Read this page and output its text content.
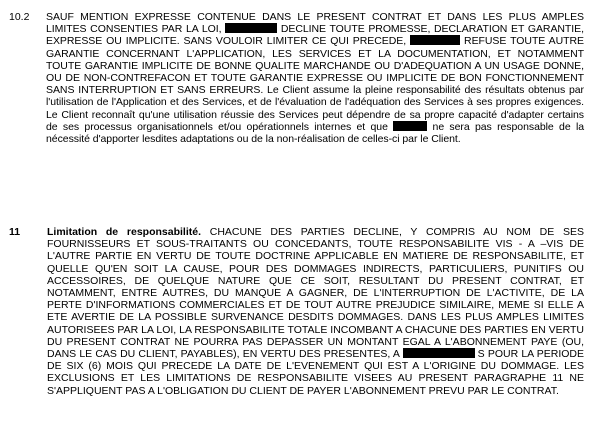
10.2 SAUF MENTION EXPRESSE CONTENUE DANS LE PRESENT CONTRAT ET DANS LES PLUS AMPLES LIMITES CONSENTIES PAR LA LOI,	DECLINE TOUTE PROMESSE, DECLARATION ET GARANTIE, EXPRESSE OU IMPLICITE. SANS VOULOIR LIMITER CE QUI PRECEDE,	REFUSE TOUTE AUTRE GARANTIE CONCERNANT L'APPLICATION, LES SERVICES ET LA DOCUMENTATION, ET NOTAMMENT TOUTE GARANTIE IMPLICITE DE BONNE QUALITE MARCHANDE OU D'ADEQUATION A UN USAGE DONNE, OU DE NON-CONTREFACON ET TOUTE GARANTIE EXPRESSE OU IMPLICITE DE BON FONCTIONNEMENT SANS INTERRUPTION ET SANS ERREURS. Le Client assume la pleine responsabilité des résultats obtenus par l'utilisation de l'Application et des Services, et de l'évaluation de l'adéquation des Services à ses propres exigences. Le Client reconnaît qu'une utilisation réussie des Services peut dépendre de sa propre capacité d'adapter certains de ses processus organisationnels et/ou opérationnels internes et que	ne sera pas responsable de la nécessité d'apporter lesdites adaptations ou de la non-réalisation de celles-ci par le Client.
11	Limitation de responsabilité. CHACUNE DES PARTIES DECLINE, Y COMPRIS AU NOM DE SES FOURNISSEURS ET SOUS-TRAITANTS OU CONCEDANTS, TOUTE RESPONSABILITE VIS - A –VIS DE L'AUTRE PARTIE EN VERTU DE TOUTE DOCTRINE APPLICABLE EN MATIERE DE RESPONSABILITE, ET QUELLE QU'EN SOIT LA CAUSE, POUR DES DOMMAGES INDIRECTS, PARTICULIERS, PUNITIFS OU ACCESSOIRES, DE QUELQUE NATURE QUE CE SOIT, RESULTANT DU PRESENT CONTRAT, ET NOTAMMENT, ENTRE AUTRES, DU MANQUE A GAGNER, DE L'INTERRUPTION DE L'ACTIVITE, DE LA PERTE D'INFORMATIONS COMMERCIALES ET DE TOUT AUTRE PREJUDICE SIMILAIRE, MEME SI ELLE A ETE AVERTIE DE LA POSSIBLE SURVENANCE DESDITS DOMMAGES. DANS LES PLUS AMPLES LIMITES AUTORISEES PAR LA LOI, LA RESPONSABILITE TOTALE INCOMBANT A CHACUNE DES PARTIES EN VERTU DU PRESENT CONTRAT NE POURRA PAS DEPASSER UN MONTANT EGAL A L'ABONNEMENT PAYE (OU, DANS LE CAS DU CLIENT, PAYABLES), EN VERTU DES PRESENTES, A	S POUR LA PERIODE DE SIX (6) MOIS QUI PRECEDE LA DATE DE L'EVENEMENT QUI EST A L'ORIGINE DU DOMMAGE. LES EXCLUSIONS ET LES LIMITATIONS DE RESPONSABILITE VISEES AU PRESENT PARAGRAPHE 11 NE S'APPLIQUENT PAS A L'OBLIGATION DU CLIENT DE PAYER L'ABONNEMENT PREVU PAR LE CONTRAT.
